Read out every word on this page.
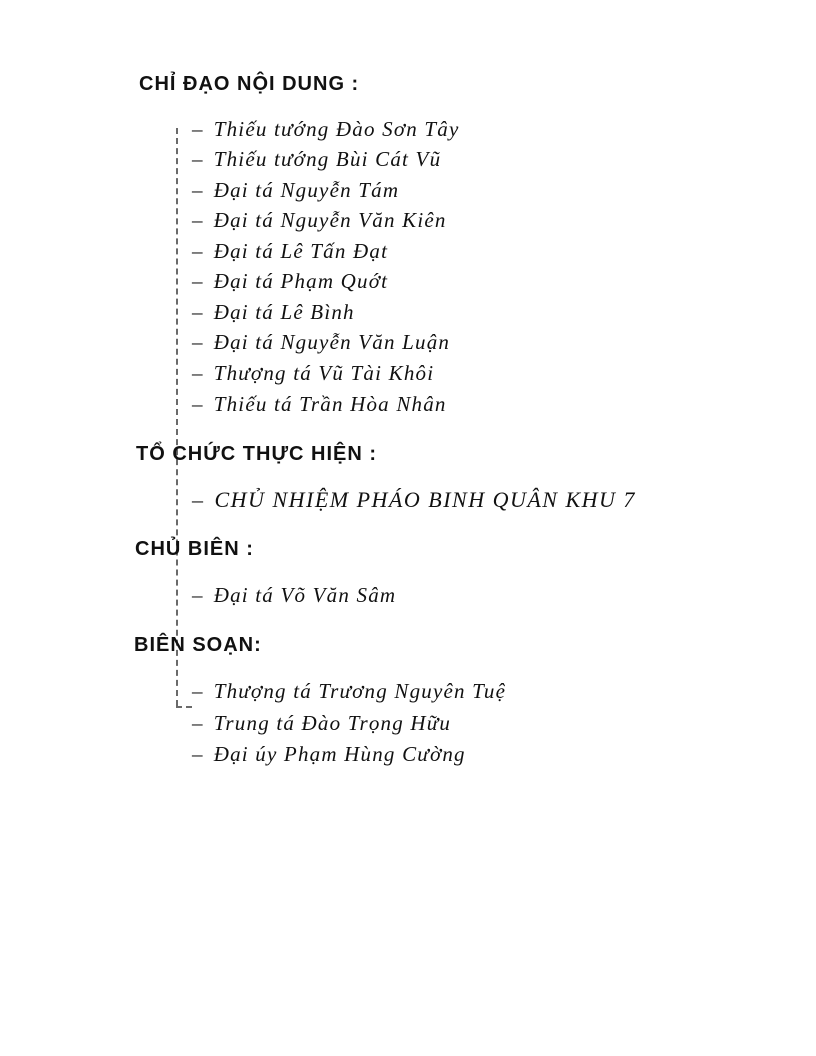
CHỈ ĐẠO NỘI DUNG :

– Thiếu tướng Đào Sơn Tây

– Thiếu tướng Bùi Cát Vũ

– Đại tá Nguyễn Tám

– Đại tá Nguyễn Văn Kiên

– Đại tá Lê Tấn Đạt

– Đại tá Phạm Quớt

– Đại tá Lê Bình

– Đại tá Nguyễn Văn Luận

– Thượng tá Vũ Tài Khôi

– Thiếu tá Trần Hòa Nhân

TỔ CHỨC THỰC HIỆN :

– CHỦ NHIỆM PHÁO BINH QUÂN KHU 7

CHỦ BIÊN :

– Đại tá Võ Văn Sâm

BIÊN SOẠN:

– Thượng tá Trương Nguyên Tuệ

– Trung tá Đào Trọng Hữu

– Đại úy Phạm Hùng Cường
